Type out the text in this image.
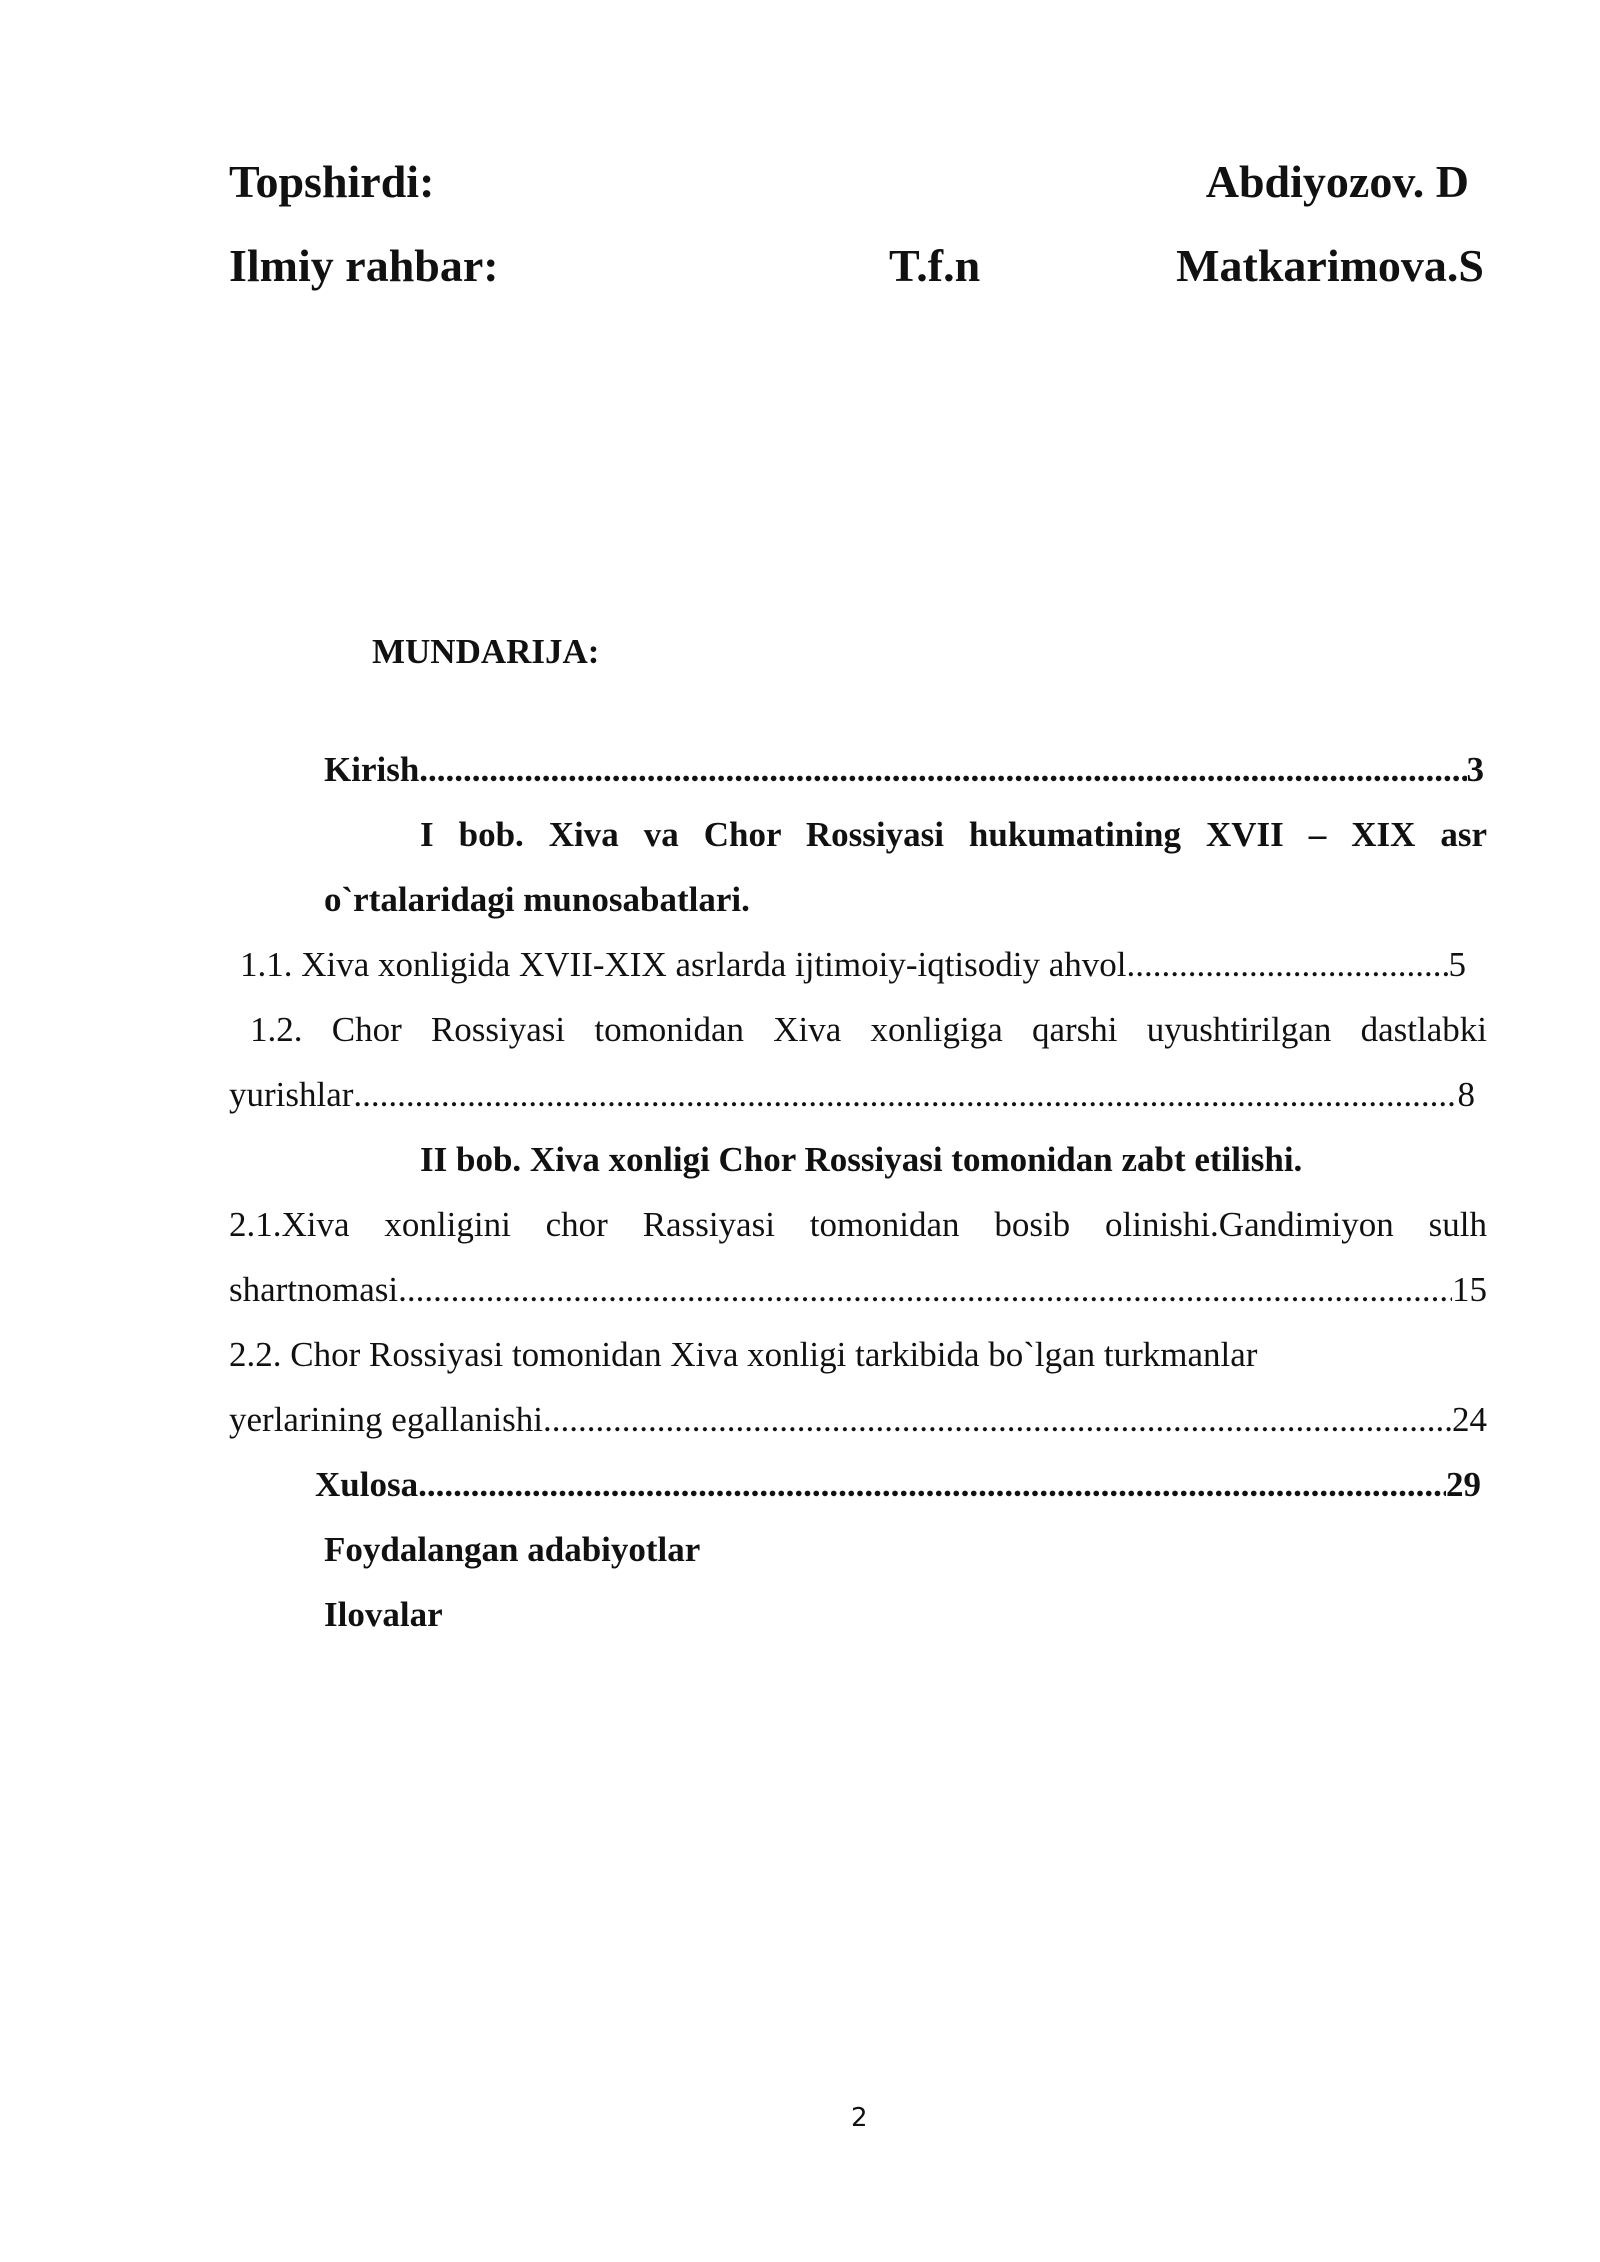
Topshirdi:	Abdiyozov. D
Ilmiy rahbar:	T.f.n	Matkarimova.S
MUNDARIJA:
Kirish .....	3
I bob. Xiva va Chor Rossiyasi hukumatining XVII – XIX asr
o`rtalaridagi munosabatlari.
1.1. Xiva xonligida XVII-XIX asrlarda ijtimoiy-iqtisodiy ahvol .....	5
1.2. Chor Rossiyasi tomonidan Xiva xonligiga qarshi uyushtirilgan dastlabki
yurishlar .....	8
II bob. Xiva xonligi Chor Rossiyasi tomonidan zabt etilishi.
2.1.Xiva xonligini chor Rassiyasi tomonidan bosib olinishi.Gandimiyon sulh
shartnomasi .....	15
2.2. Chor Rossiyasi tomonidan Xiva xonligi tarkibida bo`lgan turkmanlar
yerlarining egallanishi .....	24
Xulosa .....	29
Foydalangan adabiyotlar
Ilovalar
2
